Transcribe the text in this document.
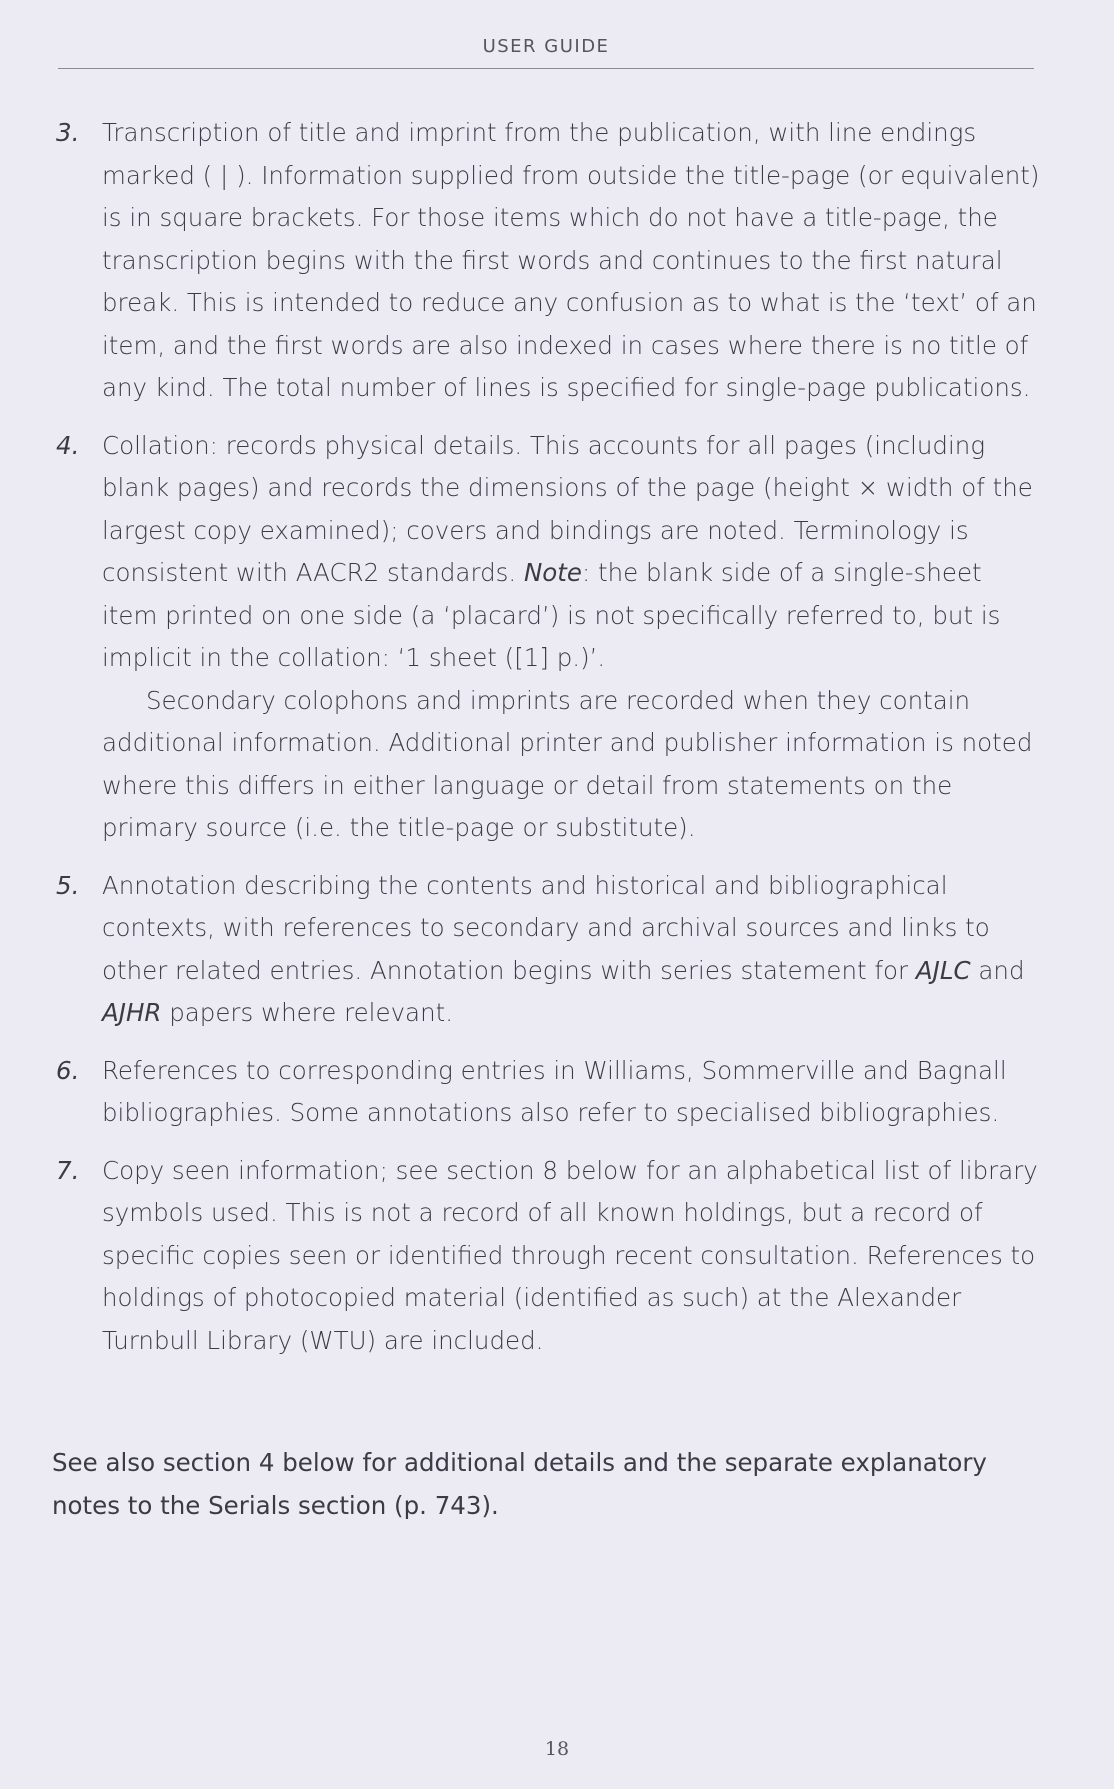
USER GUIDE
3. Transcription of title and imprint from the publication, with line endings marked ( | ). Information supplied from outside the title-page (or equivalent) is in square brackets. For those items which do not have a title-page, the transcription begins with the first words and continues to the first natural break. This is intended to reduce any confusion as to what is the ‘text’ of an item, and the first words are also indexed in cases where there is no title of any kind. The total number of lines is specified for single-page publications.

4. Collation: records physical details. This accounts for all pages (including blank pages) and records the dimensions of the page (height × width of the largest copy examined); covers and bindings are noted. Terminology is consistent with AACR2 standards. Note: the blank side of a single-sheet item printed on one side (a ‘placard’) is not specifically referred to, but is implicit in the collation: ‘1 sheet ([1] p.)’.

Secondary colophons and imprints are recorded when they contain additional information. Additional printer and publisher information is noted where this differs in either language or detail from statements on the primary source (i.e. the title-page or substitute).

5. Annotation describing the contents and historical and bibliographical contexts, with references to secondary and archival sources and links to other related entries. Annotation begins with series statement for AJLC and AJHR papers where relevant.

6. References to corresponding entries in Williams, Sommerville and Bagnall bibliographies. Some annotations also refer to specialised bibliographies.

7. Copy seen information; see section 8 below for an alphabetical list of library symbols used. This is not a record of all known holdings, but a record of specific copies seen or identified through recent consultation. References to holdings of photocopied material (identified as such) at the Alexander Turnbull Library (WTU) are included.

See also section 4 below for additional details and the separate explanatory notes to the Serials section (p. 743).

18
